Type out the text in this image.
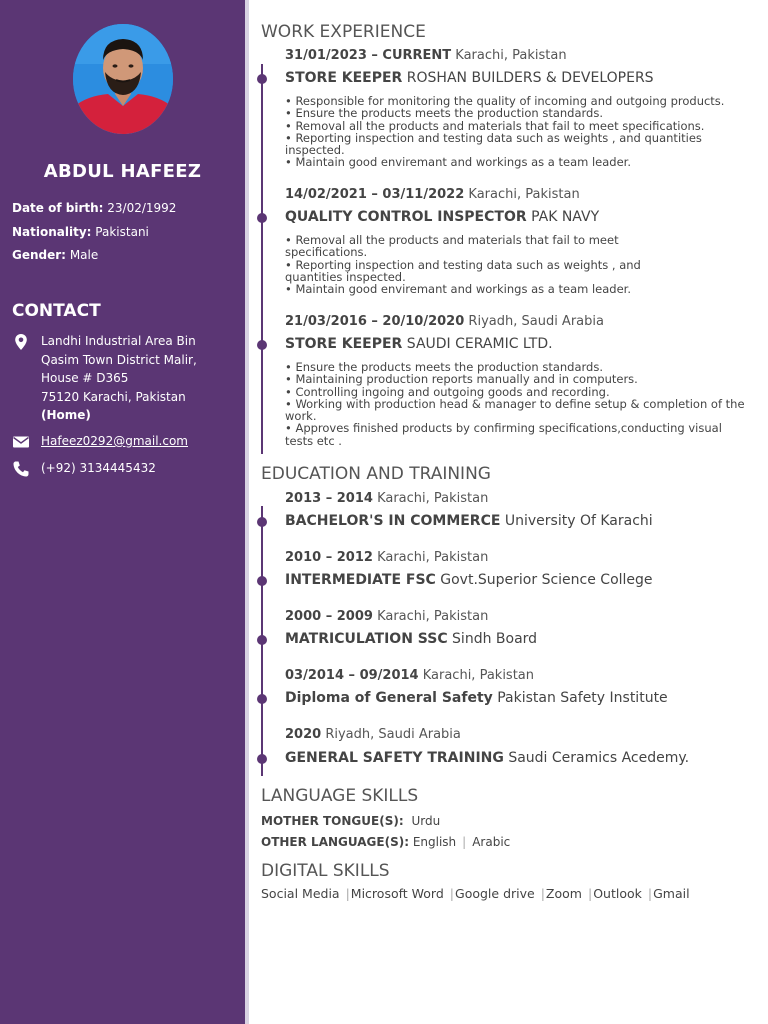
ABDUL HAFEEZ
Date of birth: 23/02/1992
Nationality: Pakistani
Gender: Male
CONTACT
Landhi Industrial Area Bin
Qasim Town District Malir,
House # D365
75120 Karachi, Pakistan
(Home)
Hafeez0292@gmail.com
(+92) 3134445432
WORK EXPERIENCE
31/01/2023 – CURRENT Karachi, Pakistan
STORE KEEPER ROSHAN BUILDERS & DEVELOPERS
• Responsible for monitoring the quality of incoming and outgoing products.
• Ensure the products meets the production standards.
• Removal all the products and materials that fail to meet specifications.
• Reporting inspection and testing data such as weights , and quantities inspected.
• Maintain good enviremant and workings as a team leader.
14/02/2021 – 03/11/2022 Karachi, Pakistan
QUALITY CONTROL INSPECTOR PAK NAVY
• Removal all the products and materials that fail to meet specifications.
• Reporting inspection and testing data such as weights , and quantities inspected.
• Maintain good enviremant and workings as a team leader.
21/03/2016 – 20/10/2020 Riyadh, Saudi Arabia
STORE KEEPER SAUDI CERAMIC LTD.
• Ensure the products meets the production standards.
• Maintaining production reports manually and in computers.
• Controlling ingoing and outgoing goods and recording.
• Working with production head & manager to define setup & completion of the work.
• Approves finished products by confirming specifications,conducting visual tests etc .
EDUCATION AND TRAINING
2013 – 2014 Karachi, Pakistan
BACHELOR'S IN COMMERCE University Of Karachi
2010 – 2012 Karachi, Pakistan
INTERMEDIATE FSC Govt.Superior Science College
2000 – 2009 Karachi, Pakistan
MATRICULATION SSC Sindh Board
03/2014 – 09/2014 Karachi, Pakistan
Diploma of General Safety Pakistan Safety Institute
2020 Riyadh, Saudi Arabia
GENERAL SAFETY TRAINING Saudi Ceramics Acedemy.
LANGUAGE SKILLS
MOTHER TONGUE(S): Urdu
OTHER LANGUAGE(S): English | Arabic
DIGITAL SKILLS
Social Media |Microsoft Word |Google drive |Zoom |Outlook |Gmail
